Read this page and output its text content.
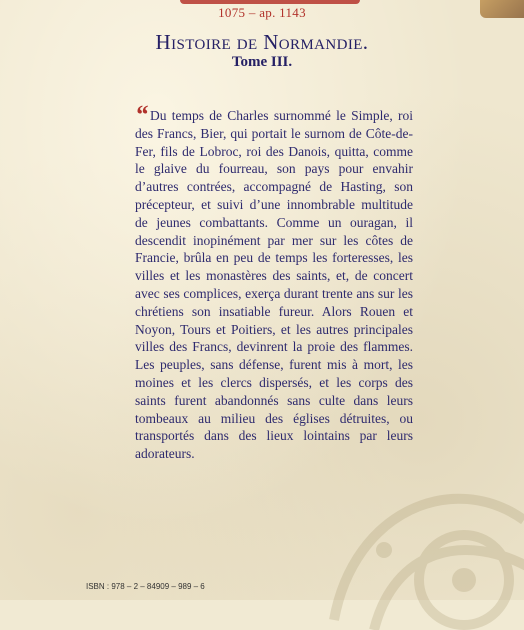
1075 – ap. 1143
Histoire de Normandie.
Tome III.
“ Du temps de Charles surnommé le Simple, roi des Francs, Bier, qui portait le surnom de Côte-de-Fer, fils de Lobroc, roi des Danois, quitta, comme le glaive du fourreau, son pays pour envahir d’autres contrées, accompagné de Hasting, son précepteur, et suivi d’une innombrable multitude de jeunes combattants. Comme un ouragan, il descendit inopinément par mer sur les côtes de Francie, brûla en peu de temps les forteresses, les villes et les monastères des saints, et, de concert avec ses complices, exerça durant trente ans sur les chrétiens son insatiable fureur. Alors Rouen et Noyon, Tours et Poitiers, et les autres principales villes des Francs, devinrent la proie des flammes. Les peuples, sans défense, furent mis à mort, les moines et les clercs dispersés, et les corps des saints furent abandonnés sans culte dans leurs tombeaux au milieu des églises détruites, ou transportés dans des lieux lointains par leurs adorateurs.
ISBN : 978 – 2 – 84909 – 989 – 6
